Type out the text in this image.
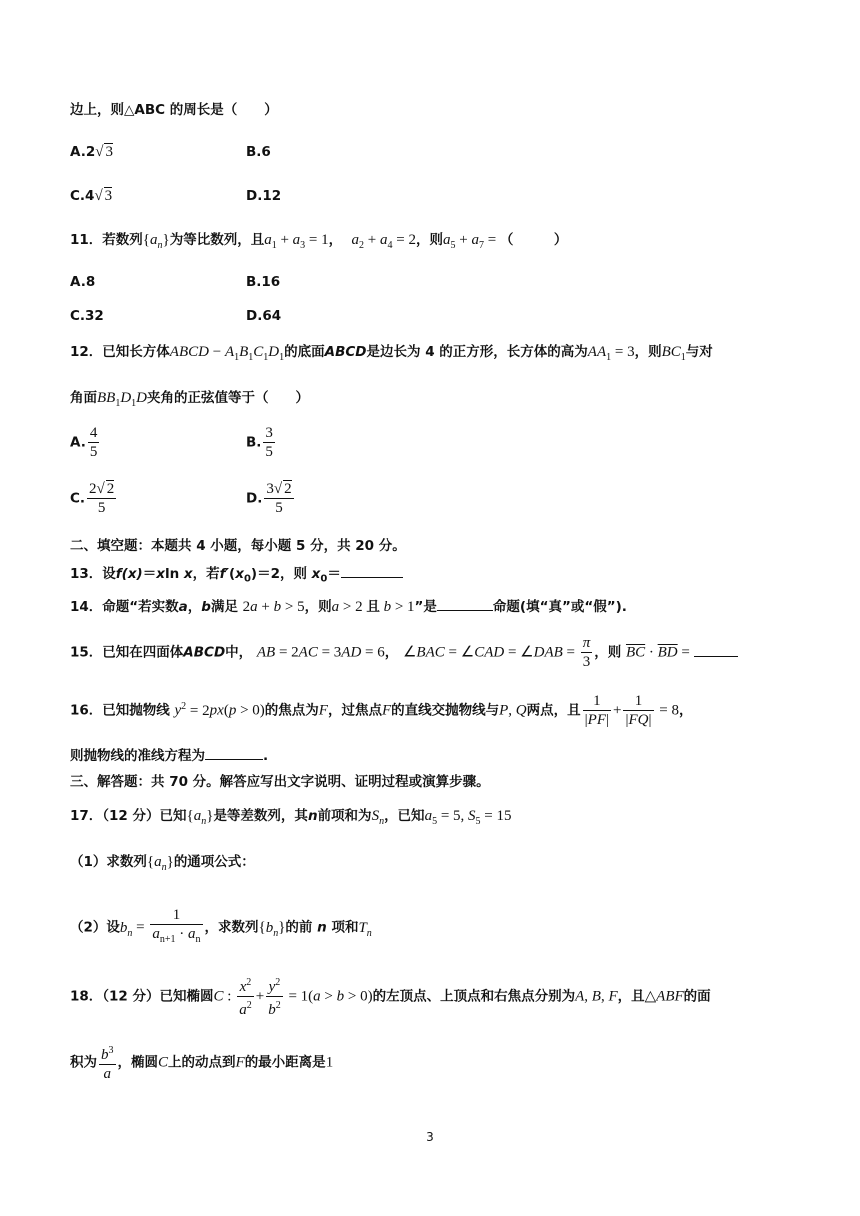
边上，则△ABC 的周长是（　　）
A.2√ 3	B.6
C.4√ 3	D.12
11．若数列$\{a_n\}$为等比数列，且$a_1 + a_3 = 1$， $a_2 + a_4 = 2$，则$a_5 + a_7$ = （　　　）
A.8	B.16
C.32	D.64
12．已知长方体ABCD − $A_1B_1C_1D_1$的底面ABCD是边长为 4 的正方形，长方体的高为$AA_1 = 3$，则$BC_1$与对
角面$BB_1D_1D$夹角的正弦值等于（　　）
A. $\frac{4}{5}$	B. $\frac{3}{5}$
C. $\frac{2√ 2}{5}$	D. $\frac{3√ 2}{5}$
二、填空题：本题共 4 小题，每小题 5 分，共 20 分。
13．设f(x)＝xln x，若$f'(x_0)=2$，则 $x_0=$
14．命题“若实数a，b满足 2a + b > 5，则a > 2 且 b > 1”是	命题(填“真”或“假”).
15．已知在四面体ABCD中， AB = 2AC = 3AD = 6， ∠BAC = ∠CAD = ∠DAB = $\frac{\pi}{3}$ ，则 $\overline{BC} \cdot \overline{BD}$ =
16．已知抛物线 $y^2 = 2px(p > 0)$的焦点为F，过焦点F的直线交抛物线与P, Q两点，且 $\frac{1}{|PF|} + \frac{1}{|FQ|} = 8$，
则抛物线的准线方程为	.
三、解答题：共 70 分。解答应写出文字说明、证明过程或演算步骤。
17．（12 分）已知$\{a_n\}$是等差数列，其n前项和为$S_n$，已知$a_5 = 5$, $S_5 = 15$
（1）求数列$\{a_n\}$的通项公式：
（2）设$b_n = \frac{1}{a_{n+1} \cdot a_n}$ ，求数列$\{b_n\}$的前 n 项和$T_n$
18．（12 分）已知椭圆C : $\frac{x^2}{a^2} + \frac{y^2}{b^2} = 1(a > b > 0)$的左顶点、上顶点和右焦点分别为A, B, F，且△ABF的面
积为 $\frac{b^3}{a}$ ，椭圆C上的动点到F的最小距离是1
3
